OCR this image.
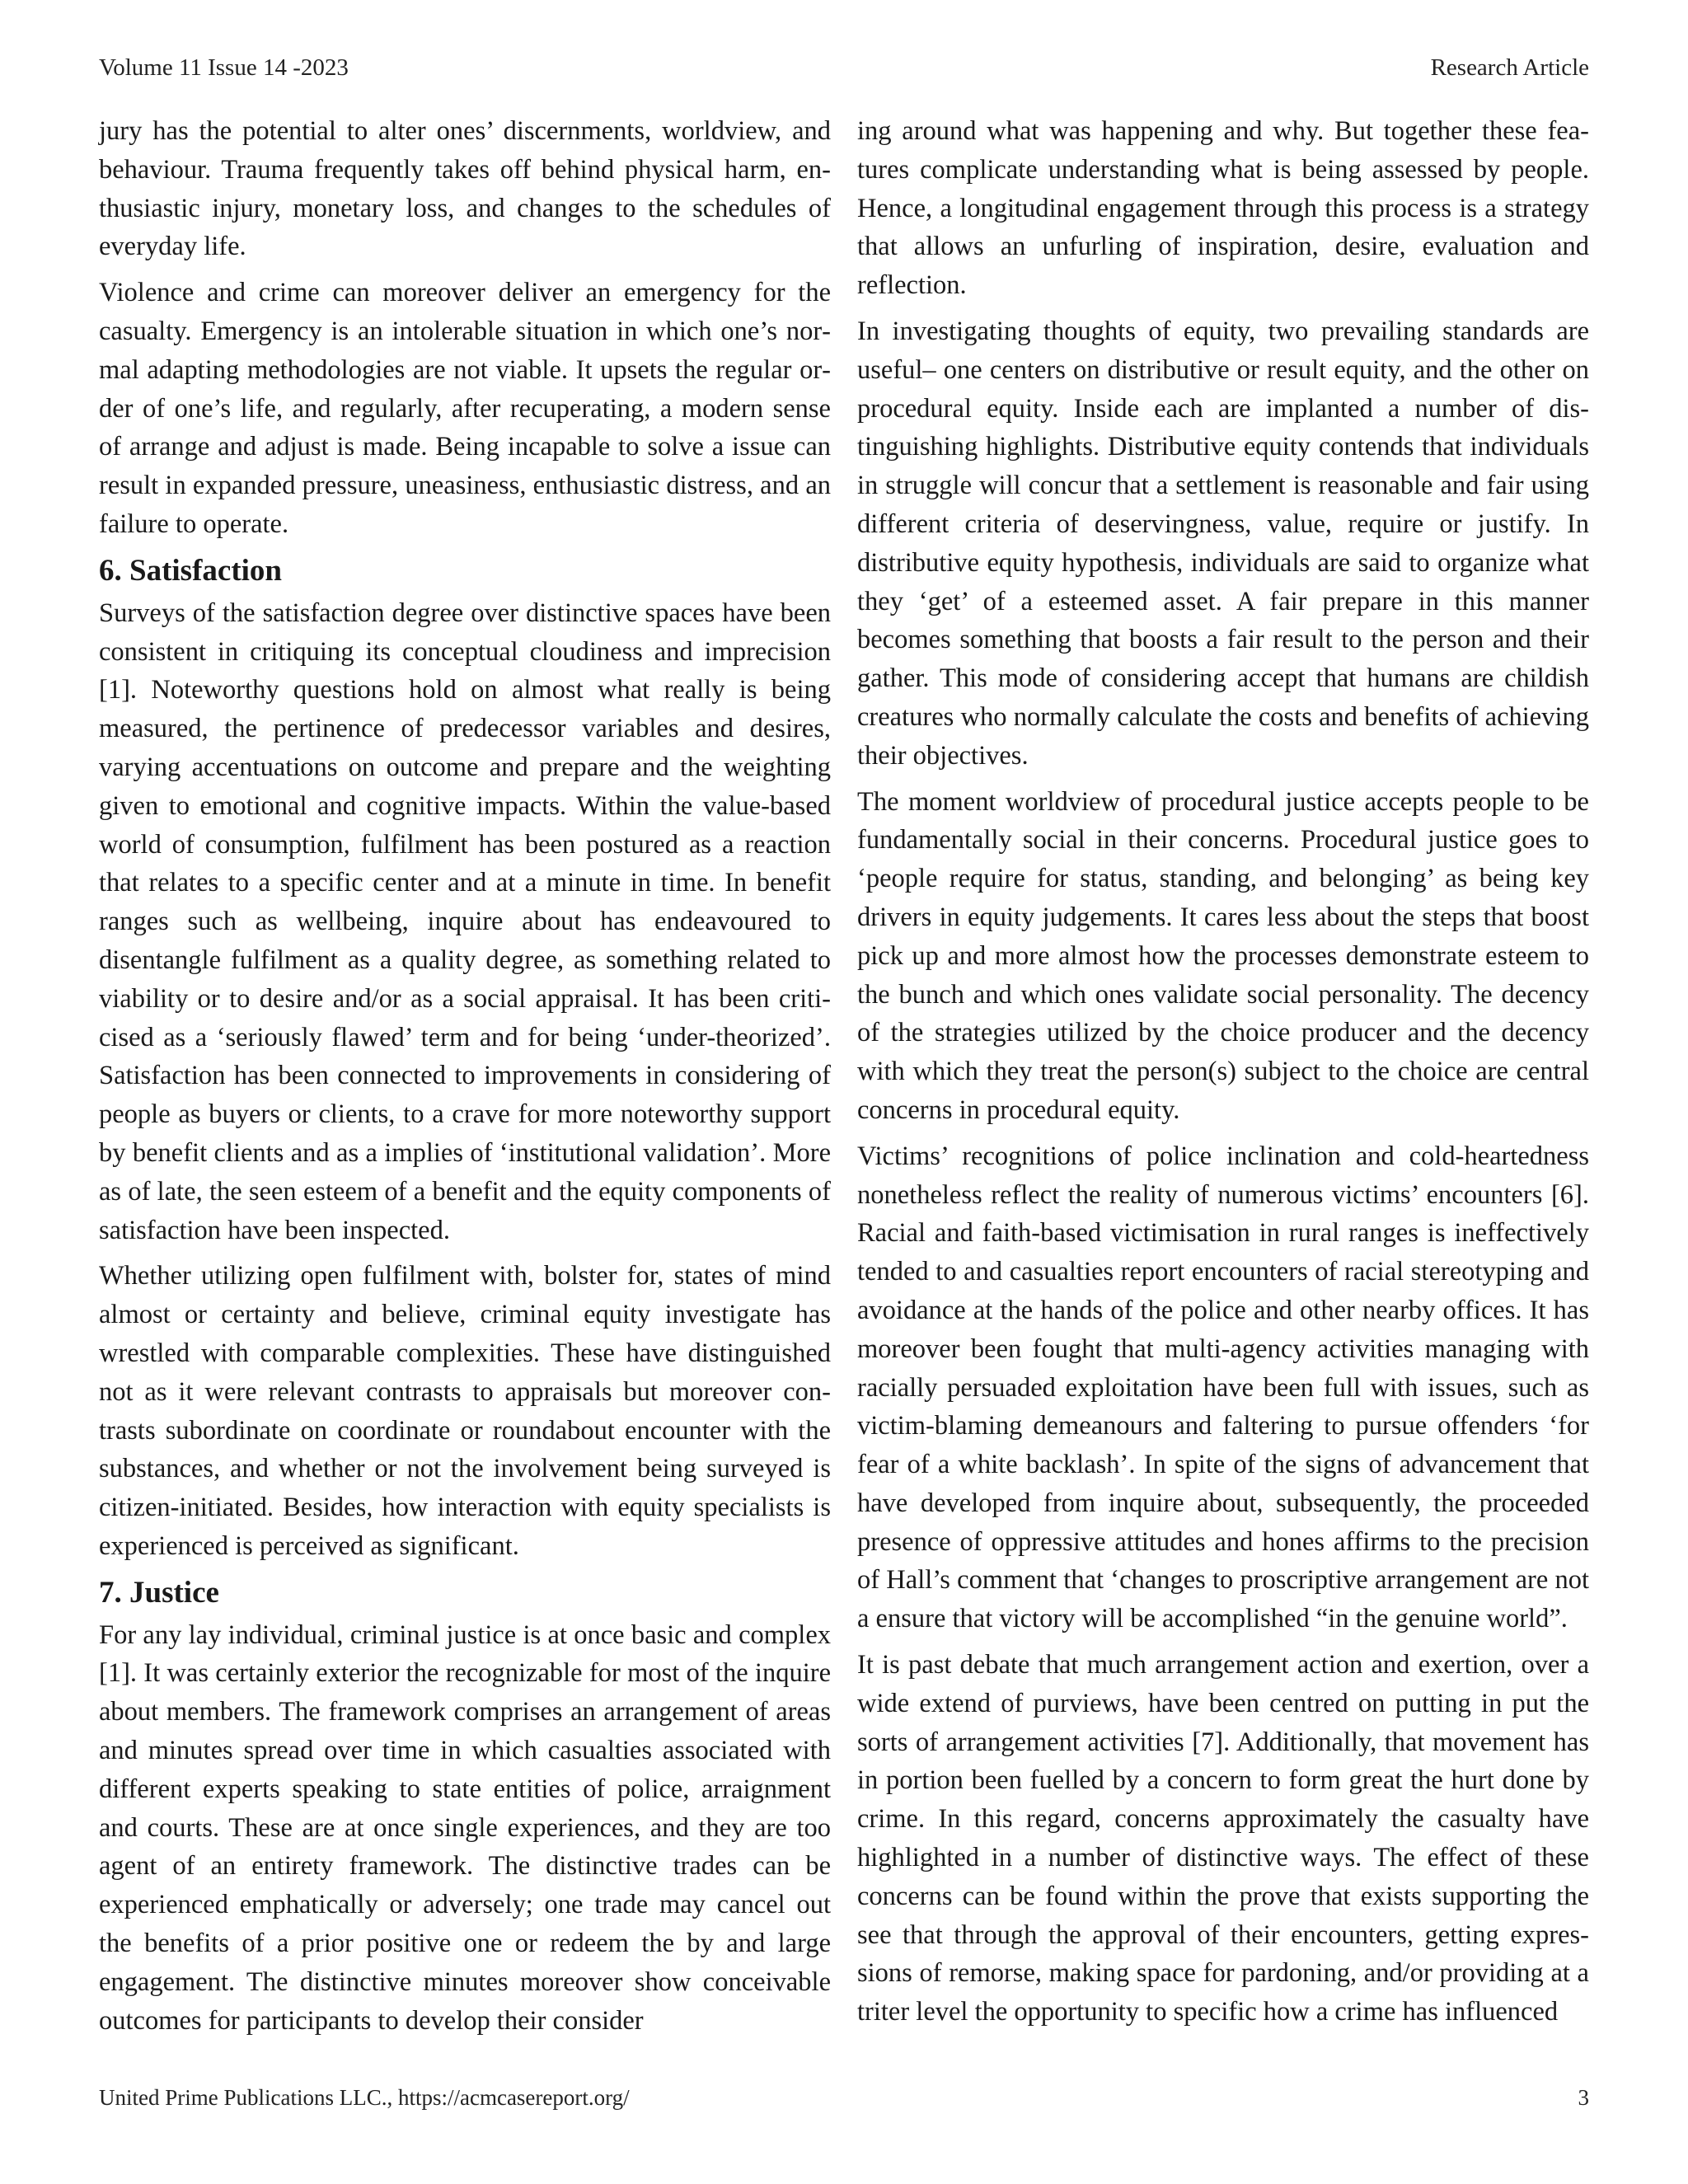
Volume 11 Issue 14 -2023	Research Article

jury has the potential to alter ones’ discernments, worldview, and behaviour. Trauma frequently takes off behind physical harm, enthusiastic injury, monetary loss, and changes to the schedules of everyday life.

Violence and crime can moreover deliver an emergency for the casualty. Emergency is an intolerable situation in which one’s normal adapting methodologies are not viable. It upsets the regular order of one’s life, and regularly, after recuperating, a modern sense of arrange and adjust is made. Being incapable to solve a issue can result in expanded pressure, uneasiness, enthusiastic distress, and an failure to operate.

6. Satisfaction

Surveys of the satisfaction degree over distinctive spaces have been consistent in critiquing its conceptual cloudiness and imprecision [1]. Noteworthy questions hold on almost what really is being measured, the pertinence of predecessor variables and desires, varying accentuations on outcome and prepare and the weighting given to emotional and cognitive impacts. Within the value-based world of consumption, fulfilment has been postured as a reaction that relates to a specific center and at a minute in time. In benefit ranges such as wellbeing, inquire about has endeavoured to disentangle fulfilment as a quality degree, as something related to viability or to desire and/or as a social appraisal. It has been criticised as a ‘seriously flawed’ term and for being ‘under-theorized’. Satisfaction has been connected to improvements in considering of people as buyers or clients, to a crave for more noteworthy support by benefit clients and as a implies of ‘institutional validation’. More as of late, the seen esteem of a benefit and the equity components of satisfaction have been inspected.

Whether utilizing open fulfilment with, bolster for, states of mind almost or certainty and believe, criminal equity investigate has wrestled with comparable complexities. These have distinguished not as it were relevant contrasts to appraisals but moreover contrasts subordinate on coordinate or roundabout encounter with the substances, and whether or not the involvement being surveyed is citizen-initiated. Besides, how interaction with equity specialists is experienced is perceived as significant.

7. Justice

For any lay individual, criminal justice is at once basic and complex [1]. It was certainly exterior the recognizable for most of the inquire about members. The framework comprises an arrangement of areas and minutes spread over time in which casualties associated with different experts speaking to state entities of police, arraignment and courts. These are at once single experiences, and they are too agent of an entirety framework. The distinctive trades can be experienced emphatically or adversely; one trade may cancel out the benefits of a prior positive one or redeem the by and large engagement. The distinctive minutes moreover show conceivable outcomes for participants to develop their consider

ing around what was happening and why. But together these features complicate understanding what is being assessed by people. Hence, a longitudinal engagement through this process is a strategy that allows an unfurling of inspiration, desire, evaluation and reflection.

In investigating thoughts of equity, two prevailing standards are useful– one centers on distributive or result equity, and the other on procedural equity. Inside each are implanted a number of distinguishing highlights. Distributive equity contends that individuals in struggle will concur that a settlement is reasonable and fair using different criteria of deservingness, value, require or justify. In distributive equity hypothesis, individuals are said to organize what they ‘get’ of a esteemed asset. A fair prepare in this manner becomes something that boosts a fair result to the person and their gather. This mode of considering accept that humans are childish creatures who normally calculate the costs and benefits of achieving their objectives.

The moment worldview of procedural justice accepts people to be fundamentally social in their concerns. Procedural justice goes to ‘people require for status, standing, and belonging’ as being key drivers in equity judgements. It cares less about the steps that boost pick up and more almost how the processes demonstrate esteem to the bunch and which ones validate social personality. The decency of the strategies utilized by the choice producer and the decency with which they treat the person(s) subject to the choice are central concerns in procedural equity.

Victims’ recognitions of police inclination and cold-heartedness nonetheless reflect the reality of numerous victims’ encounters [6]. Racial and faith-based victimisation in rural ranges is ineffectively tended to and casualties report encounters of racial stereotyping and avoidance at the hands of the police and other nearby offices. It has moreover been fought that multi-agency activities managing with racially persuaded exploitation have been full with issues, such as victim-blaming demeanours and faltering to pursue offenders ‘for fear of a white backlash’. In spite of the signs of advancement that have developed from inquire about, subsequently, the proceeded presence of oppressive attitudes and hones affirms to the precision of Hall’s comment that ‘changes to proscriptive arrangement are not a ensure that victory will be accomplished “in the genuine world”.

It is past debate that much arrangement action and exertion, over a wide extend of purviews, have been centred on putting in put the sorts of arrangement activities [7]. Additionally, that movement has in portion been fuelled by a concern to form great the hurt done by crime. In this regard, concerns approximately the casualty have highlighted in a number of distinctive ways. The effect of these concerns can be found within the prove that exists supporting the see that through the approval of their encounters, getting expressions of remorse, making space for pardoning, and/or providing at a triter level the opportunity to specific how a crime has influenced

United Prime Publications LLC., https://acmcasereport.org/	3
